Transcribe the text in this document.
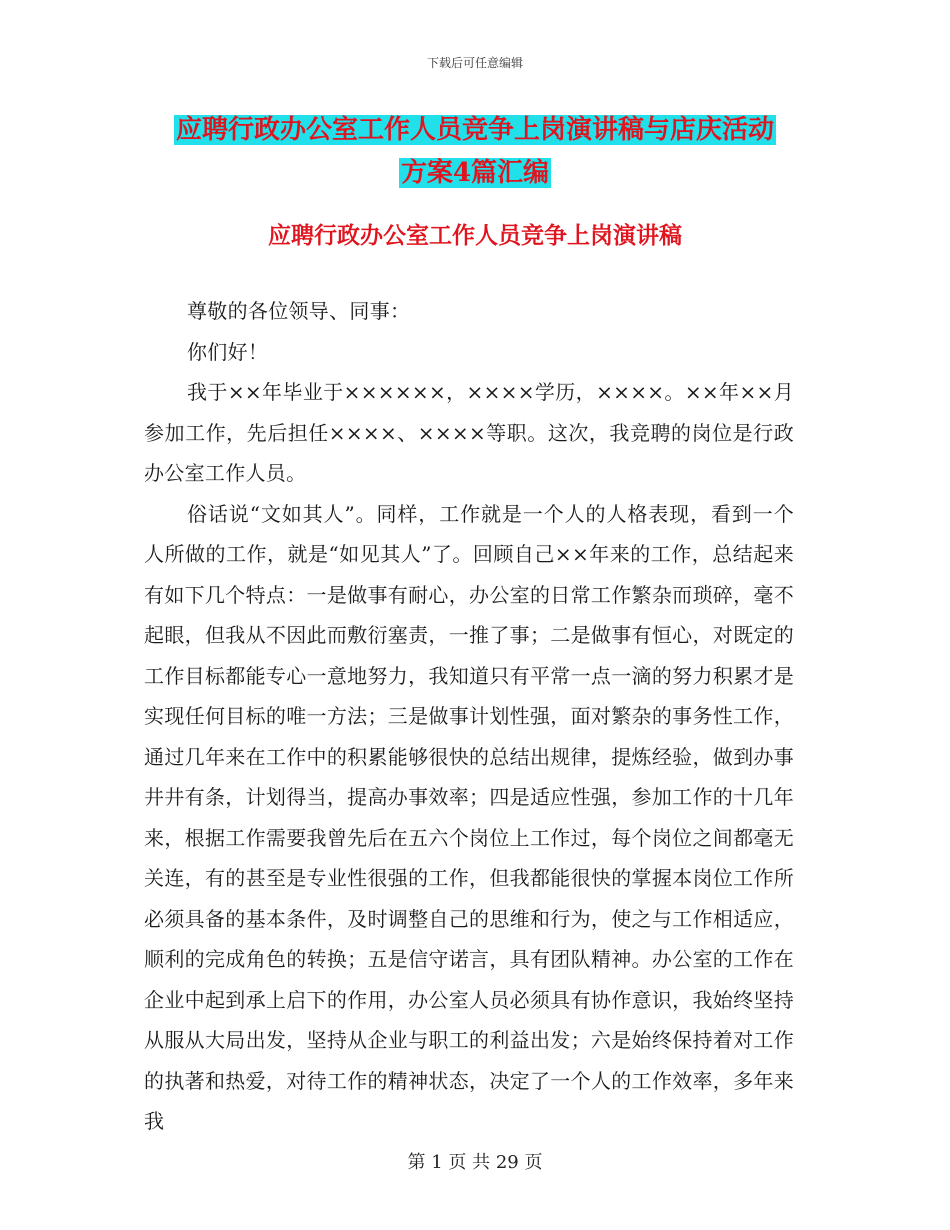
下载后可任意编辑
应聘行政办公室工作人员竞争上岗演讲稿与店庆活动
方案4篇汇编
应聘行政办公室工作人员竞争上岗演讲稿

尊敬的各位领导、同事：

你们好！

我于××年毕业于××××××，××××学历，××××。××年××月参加工作，先后担任××××、××××等职。这次，我竞聘的岗位是行政办公室工作人员。

俗话说“文如其人”。同样，工作就是一个人的人格表现，看到一个人所做的工作，就是“如见其人”了。回顾自己××年来的工作，总结起来有如下几个特点：一是做事有耐心，办公室的日常工作繁杂而琐碎，毫不起眼，但我从不因此而敷衍塞责，一推了事；二是做事有恒心，对既定的工作目标都能专心一意地努力，我知道只有平常一点一滴的努力积累才是实现任何目标的唯一方法；三是做事计划性强，面对繁杂的事务性工作，通过几年来在工作中的积累能够很快的总结出规律，提炼经验，做到办事井井有条，计划得当，提高办事效率；四是适应性强，参加工作的十几年来，根据工作需要我曾先后在五六个岗位上工作过，每个岗位之间都毫无关连，有的甚至是专业性很强的工作，但我都能很快的掌握本岗位工作所必须具备的基本条件，及时调整自己的思维和行为，使之与工作相适应，顺利的完成角色的转换；五是信守诺言，具有团队精神。办公室的工作在企业中起到承上启下的作用，办公室人员必须具有协作意识，我始终坚持从服从大局出发，坚持从企业与职工的利益出发；六是始终保持着对工作的执著和热爱，对待工作的精神状态，决定了一个人的工作效率，多年来我

第 1 页 共 29 页
